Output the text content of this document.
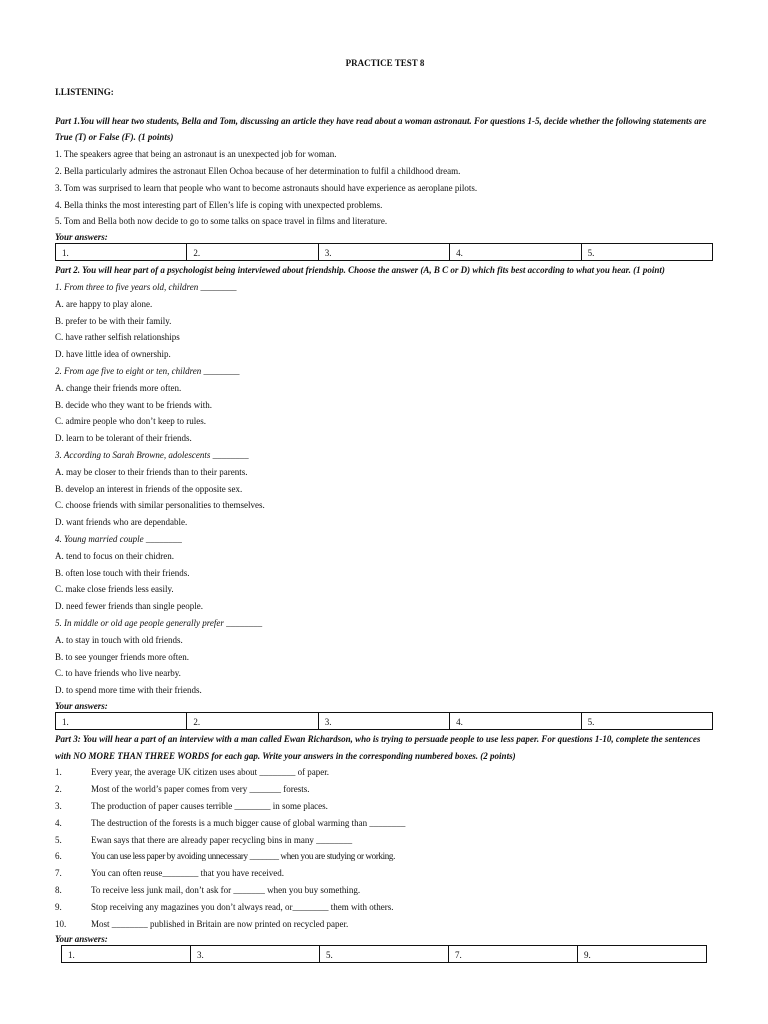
PRACTICE TEST 8
I.LISTENING:
Part 1.You will hear two students, Bella and Tom, discussing an article they have read about a woman astronaut. For questions 1-5, decide whether the following statements are
True (T) or False (F). (1 points)
1. The speakers agree that being an astronaut is an unexpected job for woman.
2. Bella particularly admires the astronaut Ellen Ochoa because of her determination to fulfil a childhood dream.
3. Tom was surprised to learn that people who want to become astronauts should have experience as aeroplane pilots.
4. Bella thinks the most interesting part of Ellen’s life is coping with unexpected problems.
5. Tom and Bella both now decide to go to some talks on space travel in films and literature.
Your answers:
1.	2.	3.	4.	5.
Part 2. You will hear part of a psychologist being interviewed about friendship. Choose the answer (A, B C or D) which fits best according to what you hear. (1 point)
1. From three to five years old, children ________
A. are happy to play alone.
B. prefer to be with their family.
C. have rather selfish relationships
D. have little idea of ownership.
2. From age five to eight or ten, children ________
A. change their friends more often.
B. decide who they want to be friends with.
C. admire people who don’t keep to rules.
D. learn to be tolerant of their friends.
3. According to Sarah Browne, adolescents ________
A. may be closer to their friends than to their parents.
B. develop an interest in friends of the opposite sex.
C. choose friends with similar personalities to themselves.
D. want friends who are dependable.
4. Young married couple ________
A. tend to focus on their chidren.
B. often lose touch with their friends.
C. make close friends less easily.
D. need fewer friends than single people.
5. In middle or old age people generally prefer ________
A. to stay in touch with old friends.
B. to see younger friends more often.
C. to have friends who live nearby.
D. to spend more time with their friends.
Your answers:
1.	2.	3.	4.	5.
Part 3: You will hear a part of an interview with a man called Ewan Richardson, who is trying to persuade people to use less paper. For questions 1-10, complete the sentences
with NO MORE THAN THREE WORDS for each gap. Write your answers in the corresponding numbered boxes. (2 points)
1.	Every year, the average UK citizen uses about ________ of paper.
2.	Most of the world’s paper comes from very _______ forests.
3.	The production of paper causes terrible ________ in some places.
4.	The destruction of the forests is a much bigger cause of global warming than ________
5.	Ewan says that there are already paper recycling bins in many ________
6.	You can use less paper by avoiding unnecessary _______ when you are studying or working.
7.	You can often reuse________ that you have received.
8.	To receive less junk mail, don’t ask for _______ when you buy something.
9.	Stop receiving any magazines you don’t always read, or________ them with others.
10.	Most ________ published in Britain are now printed on recycled paper.
Your answers:
1.	3.	5.	7.	9.
